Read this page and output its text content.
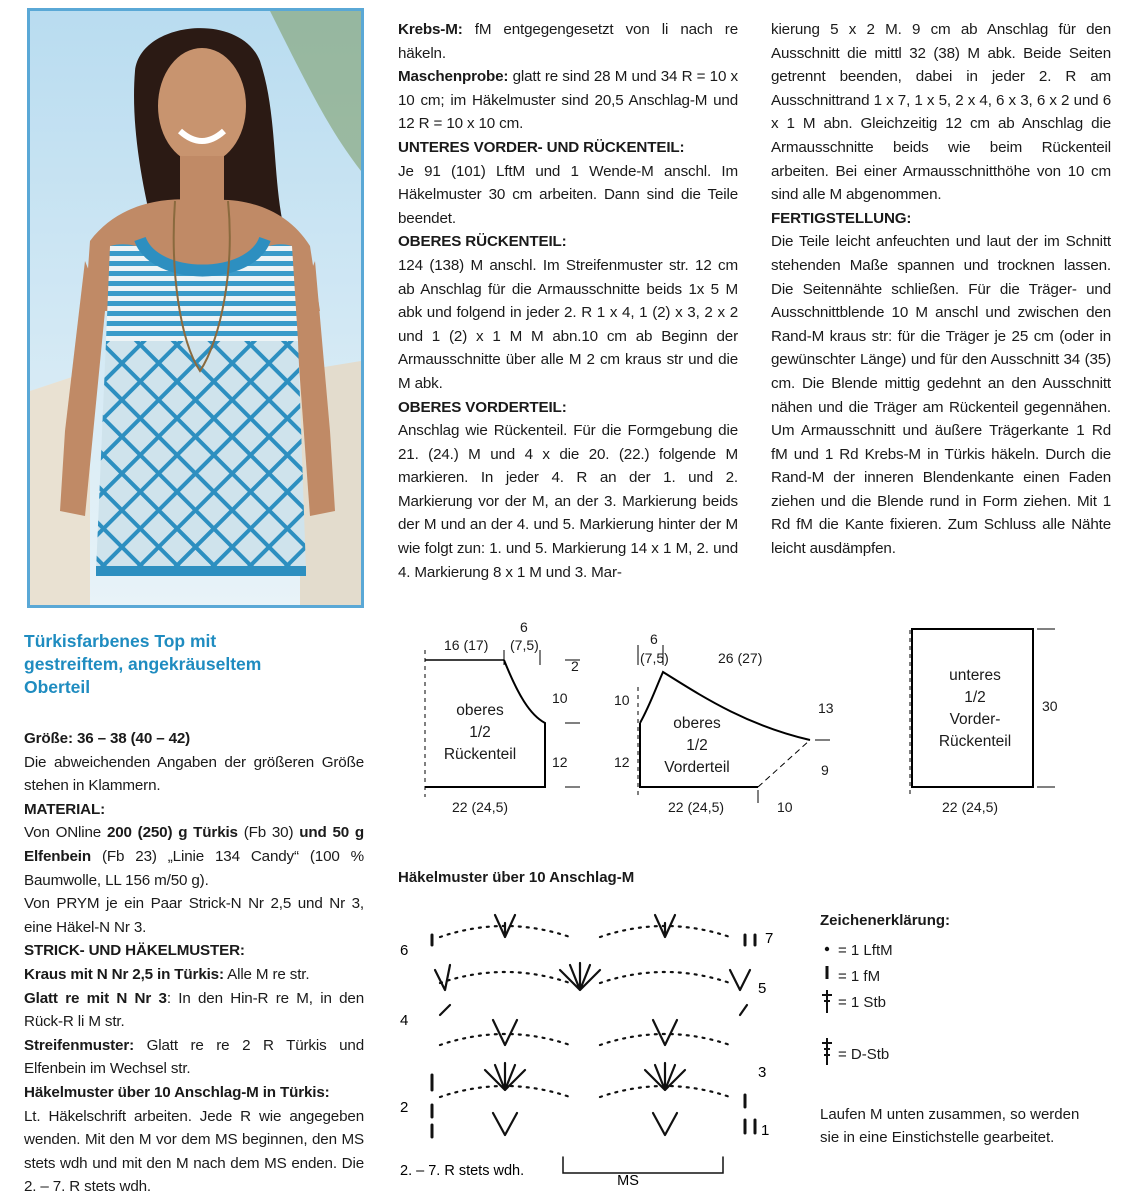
Krebs-M: fM entgegengesetzt von li nach re häkeln.

Maschenprobe: glatt re sind 28 M und 34 R = 10 x 10 cm; im Häkelmuster sind 20,5 Anschlag-M und 12 R = 10 x 10 cm.

UNTERES VORDER- UND RÜCKENTEIL:

Je 91 (101) LftM und 1 Wende-M anschl. Im Häkelmuster 30 cm arbeiten. Dann sind die Teile beendet.

OBERES RÜCKENTEIL:

124 (138) M anschl. Im Streifenmuster str. 12 cm ab Anschlag für die Armausschnitte beids 1x 5 M abk und folgend in jeder 2. R 1 x 4, 1 (2) x 3, 2 x 2 und 1 (2) x 1 M M abn.10 cm ab Beginn der Armausschnitte über alle M 2 cm kraus str und die M abk.

OBERES VORDERTEIL:

Anschlag wie Rückenteil. Für die Formgebung die 21. (24.) M und 4 x die 20. (22.) folgende M markieren. In jeder 4. R an der 1. und 2. Markierung vor der M, an der 3. Markierung beids der M und an der 4. und 5. Markierung hinter der M wie folgt zun: 1. und 5. Markierung 14 x 1 M, 2. und 4. Markierung 8 x 1 M und 3. Mar-

kierung 5 x 2 M. 9 cm ab Anschlag für den Ausschnitt die mittl 32 (38) M abk. Beide Seiten getrennt beenden, dabei in jeder 2. R am Ausschnittrand 1 x 7, 1 x 5, 2 x 4, 6 x 3, 6 x 2 und 6 x 1 M abn. Gleichzeitig 12 cm ab Anschlag die Armausschnitte beids wie beim Rückenteil arbeiten. Bei einer Armausschnitthöhe von 10 cm sind alle M abgenommen.

FERTIGSTELLUNG:

Die Teile leicht anfeuchten und laut der im Schnitt stehenden Maße spannen und trocknen lassen. Die Seitennähte schließen. Für die Träger- und Ausschnittblende 10 M anschl und zwischen den Rand-M kraus str: für die Träger je 25 cm (oder in gewünschter Länge) und für den Ausschnitt 34 (35) cm. Die Blende mittig gedehnt an den Ausschnitt nähen und die Träger am Rückenteil gegennähen. Um Armausschnitt und äußere Trägerkante 1 Rd fM und 1 Rd Krebs-M in Türkis häkeln. Durch die Rand-M der inneren Blendenkante einen Faden ziehen und die Blende rund in Form ziehen. Mit 1 Rd fM die Kante fixieren. Zum Schluss alle Nähte leicht ausdämpfen.

Türkisfarbenes Top mit
gestreiftem, angekräuseltem
Oberteil

Größe: 36 – 38 (40 – 42)

Die abweichenden Angaben der größeren Größe stehen in Klammern.

MATERIAL:

Von ONline 200 (250) g Türkis (Fb 30) und 50 g Elfenbein (Fb 23) „Linie 134 Candy“ (100 % Baumwolle, LL 156 m/50 g).

Von PRYM je ein Paar Strick-N Nr 2,5 und Nr 3, eine Häkel-N Nr 3.

STRICK- UND HÄKELMUSTER:

Kraus mit N Nr 2,5 in Türkis: Alle M re str.

Glatt re mit N Nr 3: In den Hin-R re M, in den Rück-R li M str.

Streifenmuster: Glatt re re 2 R Türkis und Elfenbein im Wechsel str.

Häkelmuster über 10 Anschlag-M in Türkis:

Lt. Häkelschrift arbeiten. Jede R wie angegeben wenden. Mit den M vor dem MS beginnen, den MS stets wdh und mit den M nach dem MS enden. Die 2. – 7. R stets wdh.

16 (17)
6
(7,5)
2
10
12
oberes
1/2
Rückenteil
22 (24,5)
6
(7,5)	26 (27)
10
12
13
9
oberes
1/2
Vorderteil
22 (24,5)	10
unteres
1/2
Vorder-
Rückenteil
30
22 (24,5)
Häkelmuster über 10 Anschlag-M
6
7
5
4
3
2
1
2. – 7. R stets wdh.
MS
Zeichenerklärung:
= 1 LftM
= 1 fM
= 1 Stb
= D-Stb
Laufen M unten zusammen, so werden sie in eine Einstichstelle gearbeitet.
